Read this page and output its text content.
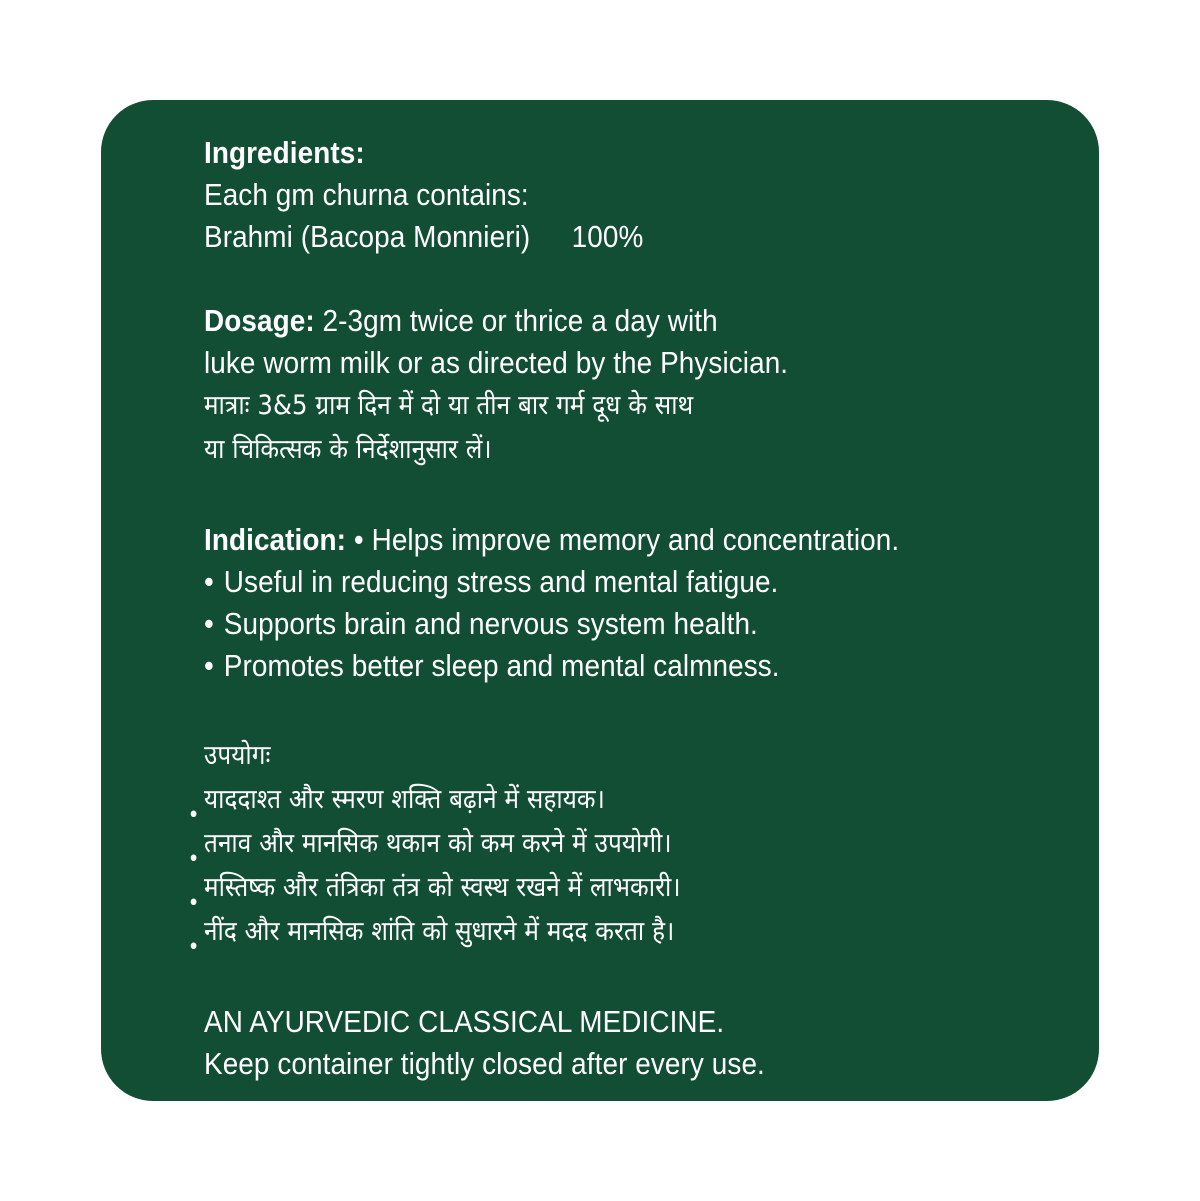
Ingredients:
Each gm churna contains:
Brahmi (Bacopa Monnieri) 100%
Dosage: 2-3gm twice or thrice a day with
luke worm milk or as directed by the Physician.
मात्राः 3&5 ग्राम दिन में दो या तीन बार गर्म दूध के साथ
या चिकित्सक के निर्देशानुसार लें।
Indication: • Helps improve memory and concentration.
• Useful in reducing stress and mental fatigue.
• Supports brain and nervous system health.
• Promotes better sleep and mental calmness.
उपयोगः
•
याददाश्त और स्मरण शक्ति बढ़ाने में सहायक।
•
तनाव और मानसिक थकान को कम करने में उपयोगी।
•
मस्तिष्क और तंत्रिका तंत्र को स्वस्थ रखने में लाभकारी।
•
नींद और मानसिक शांति को सुधारने में मदद करता है।
AN AYURVEDIC CLASSICAL MEDICINE.
Keep container tightly closed after every use.
